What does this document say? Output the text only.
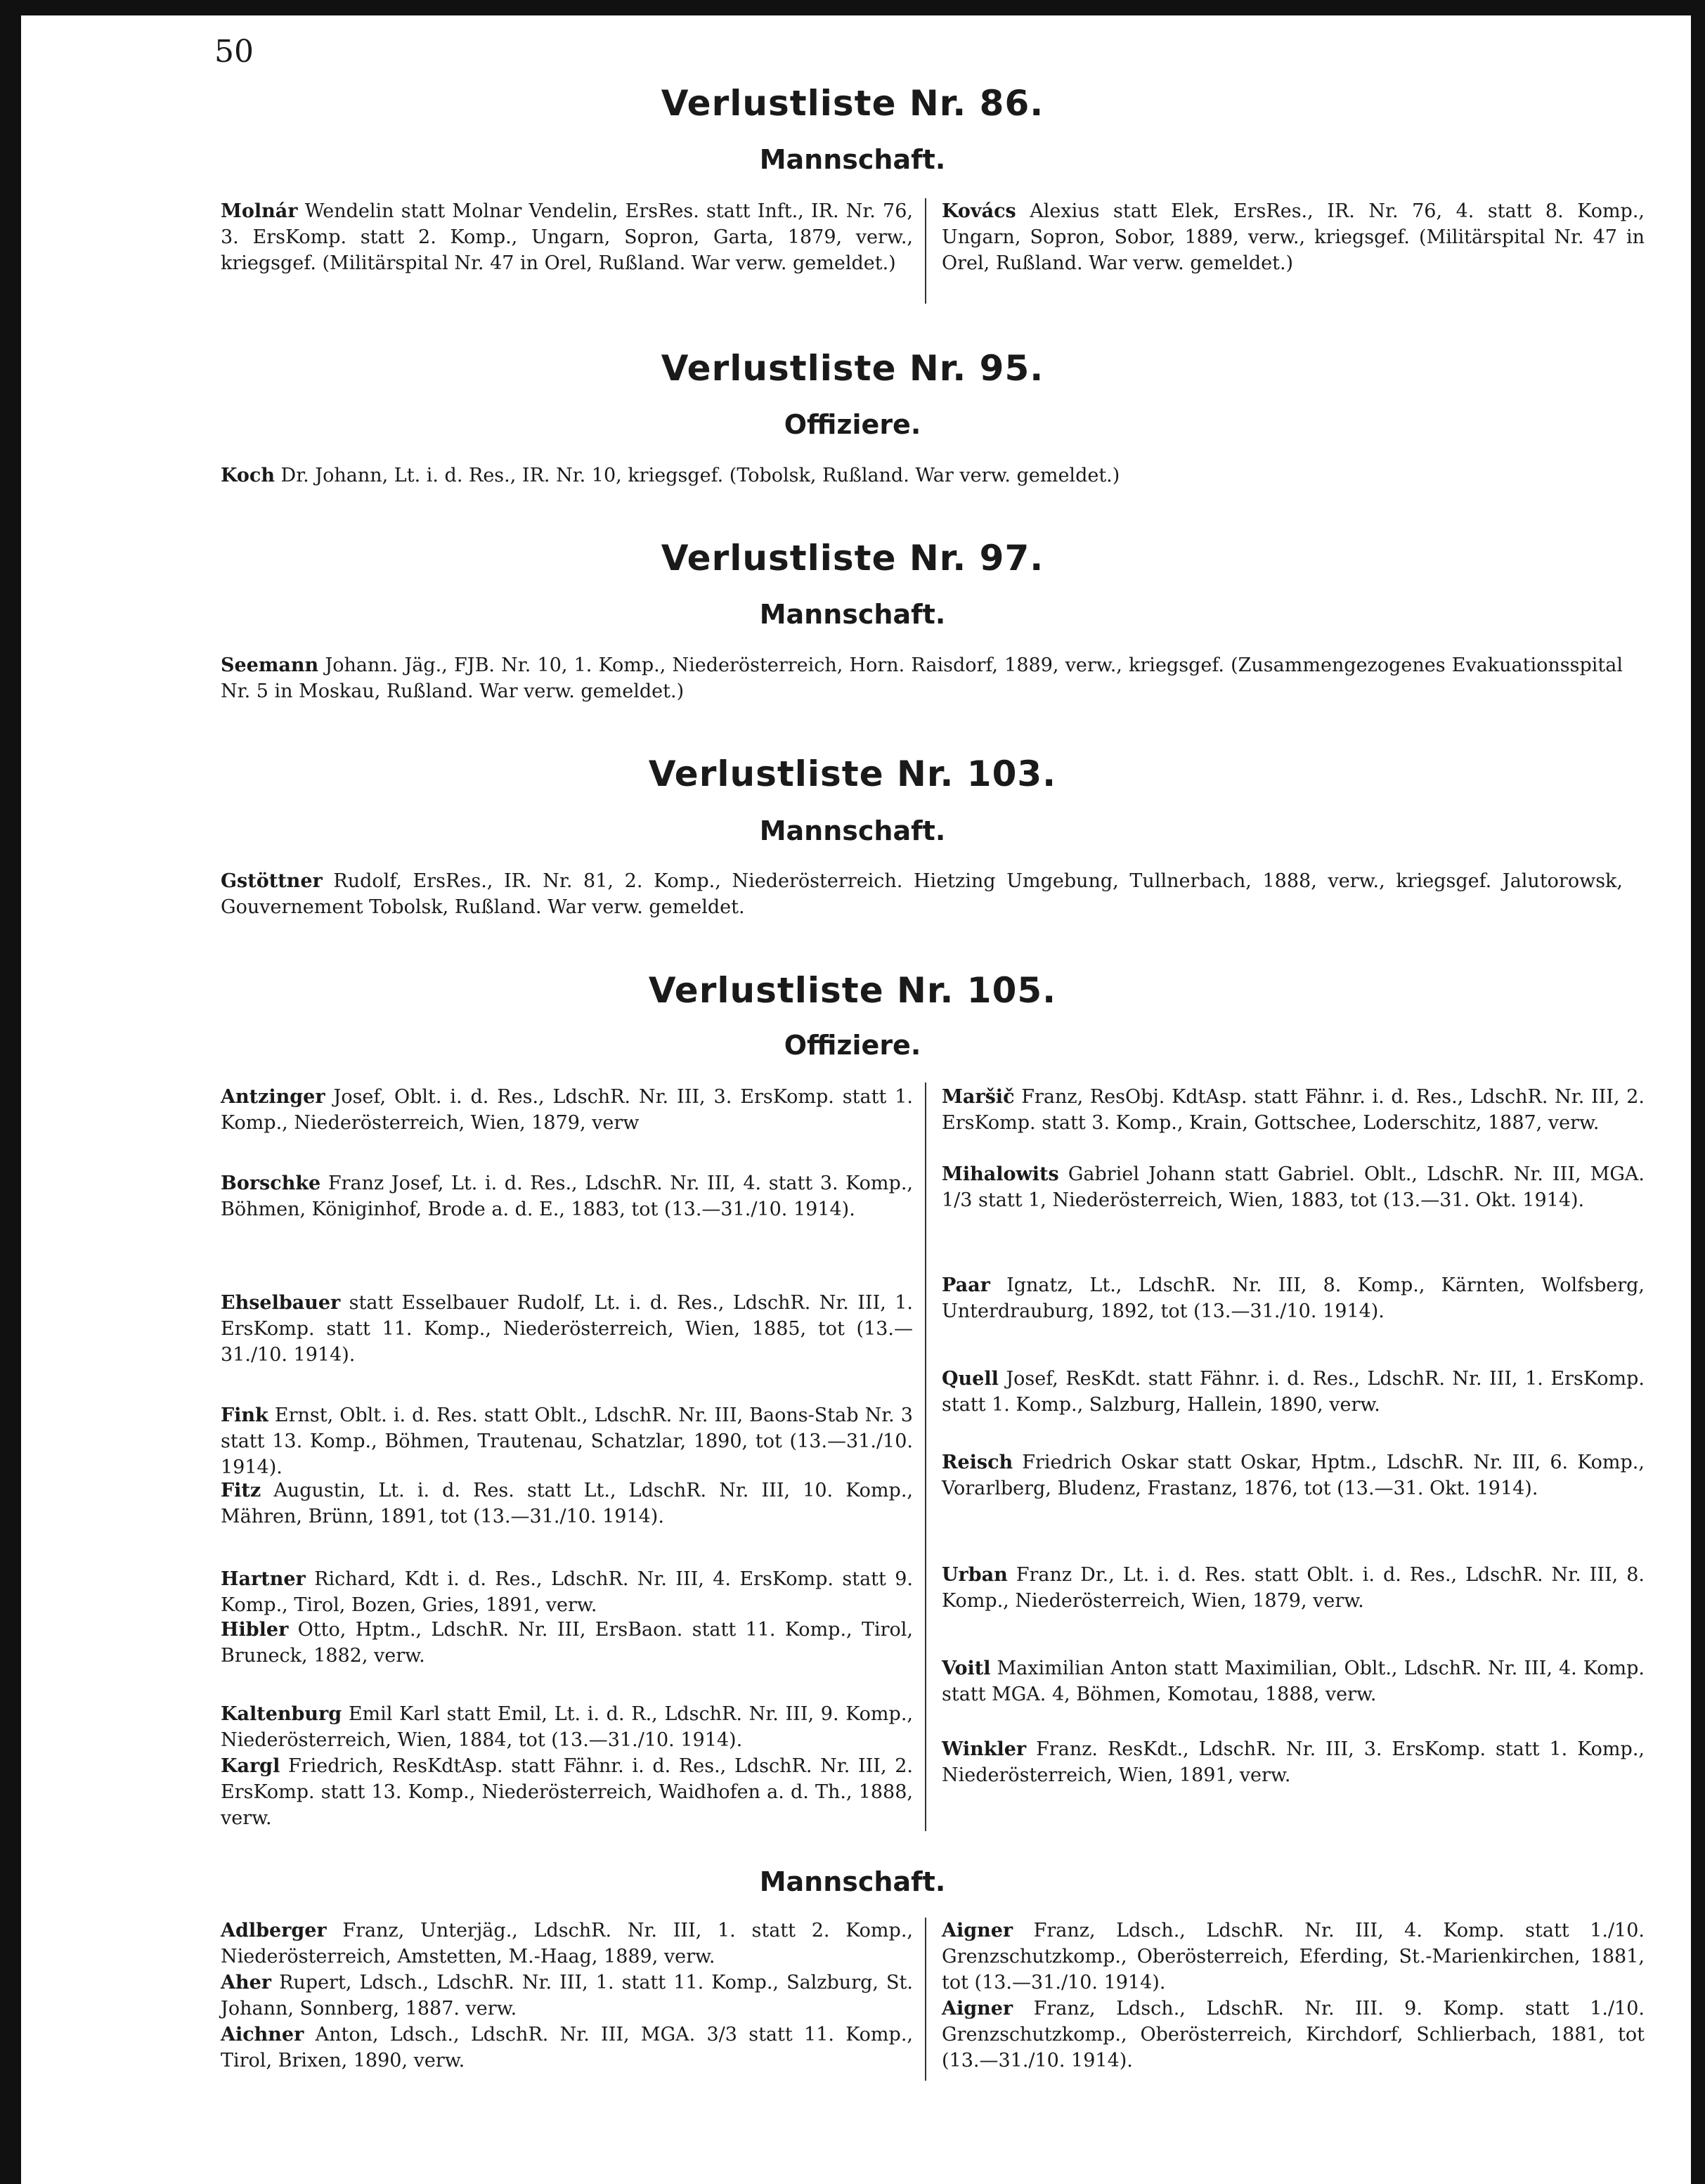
50
Verlustliste Nr. 86.
Mannschaft.

Molnár Wendelin statt Molnar Vendelin, ErsRes. statt Inft., IR. Nr. 76, 3. ErsKomp. statt 2. Komp., Ungarn, Sopron, Garta, 1879, verw., kriegsgef. (Militärspital Nr. 47 in Orel, Rußland. War verw. gemeldet.)

Kovács Alexius statt Elek, ErsRes., IR. Nr. 76, 4. statt 8. Komp., Ungarn, Sopron, Sobor, 1889, verw., kriegsgef. (Militärspital Nr. 47 in Orel, Rußland. War verw. gemeldet.)

Verlustliste Nr. 95.
Offiziere.

Koch Dr. Johann, Lt. i. d. Res., IR. Nr. 10, kriegsgef. (Tobolsk, Rußland. War verw. gemeldet.)

Verlustliste Nr. 97.
Mannschaft.

Seemann Johann. Jäg., FJB. Nr. 10, 1. Komp., Niederösterreich, Horn. Raisdorf, 1889, verw., kriegsgef. (Zusammengezogenes Evakuationsspital Nr. 5 in Moskau, Rußland. War verw. gemeldet.)

Verlustliste Nr. 103.
Mannschaft.

Gstöttner Rudolf, ErsRes., IR. Nr. 81, 2. Komp., Niederösterreich. Hietzing Umgebung, Tullnerbach, 1888, verw., kriegsgef. Jalutorowsk, Gouvernement Tobolsk, Rußland. War verw. gemeldet.

Verlustliste Nr. 105.
Offiziere.

Antzinger Josef, Oblt. i. d. Res., LdschR. Nr. III, 3. ErsKomp. statt 1. Komp., Niederösterreich, Wien, 1879, verw

Borschke Franz Josef, Lt. i. d. Res., LdschR. Nr. III, 4. statt 3. Komp., Böhmen, Königinhof, Brode a. d. E., 1883, tot (13.—31./10. 1914).

Ehselbauer statt Esselbauer Rudolf, Lt. i. d. Res., LdschR. Nr. III, 1. ErsKomp. statt 11. Komp., Niederösterreich, Wien, 1885, tot (13.—31./10. 1914).

Fink Ernst, Oblt. i. d. Res. statt Oblt., LdschR. Nr. III, Baons-Stab Nr. 3 statt 13. Komp., Böhmen, Trautenau, Schatzlar, 1890, tot (13.—31./10. 1914).

Fitz Augustin, Lt. i. d. Res. statt Lt., LdschR. Nr. III, 10. Komp., Mähren, Brünn, 1891, tot (13.—31./10. 1914).

Hartner Richard, Kdt i. d. Res., LdschR. Nr. III, 4. ErsKomp. statt 9. Komp., Tirol, Bozen, Gries, 1891, verw.

Hibler Otto, Hptm., LdschR. Nr. III, ErsBaon. statt 11. Komp., Tirol, Bruneck, 1882, verw.

Kaltenburg Emil Karl statt Emil, Lt. i. d. R., LdschR. Nr. III, 9. Komp., Niederösterreich, Wien, 1884, tot (13.—31./10. 1914).

Kargl Friedrich, ResKdtAsp. statt Fähnr. i. d. Res., LdschR. Nr. III, 2. ErsKomp. statt 13. Komp., Niederösterreich, Waidhofen a. d. Th., 1888, verw.

Maršič Franz, ResObj. KdtAsp. statt Fähnr. i. d. Res., LdschR. Nr. III, 2. ErsKomp. statt 3. Komp., Krain, Gottschee, Loderschitz, 1887, verw.

Mihalowits Gabriel Johann statt Gabriel. Oblt., LdschR. Nr. III, MGA. 1/3 statt 1, Niederösterreich, Wien, 1883, tot (13.—31. Okt. 1914).

Paar Ignatz, Lt., LdschR. Nr. III, 8. Komp., Kärnten, Wolfsberg, Unterdrauburg, 1892, tot (13.—31./10. 1914).

Quell Josef, ResKdt. statt Fähnr. i. d. Res., LdschR. Nr. III, 1. ErsKomp. statt 1. Komp., Salzburg, Hallein, 1890, verw.

Reisch Friedrich Oskar statt Oskar, Hptm., LdschR. Nr. III, 6. Komp., Vorarlberg, Bludenz, Frastanz, 1876, tot (13.—31. Okt. 1914).

Urban Franz Dr., Lt. i. d. Res. statt Oblt. i. d. Res., LdschR. Nr. III, 8. Komp., Niederösterreich, Wien, 1879, verw.

Voitl Maximilian Anton statt Maximilian, Oblt., LdschR. Nr. III, 4. Komp. statt MGA. 4, Böhmen, Komotau, 1888, verw.

Winkler Franz. ResKdt., LdschR. Nr. III, 3. ErsKomp. statt 1. Komp., Niederösterreich, Wien, 1891, verw.

Mannschaft.

Adlberger Franz, Unterjäg., LdschR. Nr. III, 1. statt 2. Komp., Niederösterreich, Amstetten, M.-Haag, 1889, verw.

Aher Rupert, Ldsch., LdschR. Nr. III, 1. statt 11. Komp., Salzburg, St. Johann, Sonnberg, 1887. verw.

Aichner Anton, Ldsch., LdschR. Nr. III, MGA. 3/3 statt 11. Komp., Tirol, Brixen, 1890, verw.

Aigner Franz, Ldsch., LdschR. Nr. III, 4. Komp. statt 1./10. Grenzschutzkomp., Oberösterreich, Eferding, St.-Marienkirchen, 1881, tot (13.—31./10. 1914).

Aigner Franz, Ldsch., LdschR. Nr. III. 9. Komp. statt 1./10. Grenzschutzkomp., Oberösterreich, Kirchdorf, Schlierbach, 1881, tot (13.—31./10. 1914).
